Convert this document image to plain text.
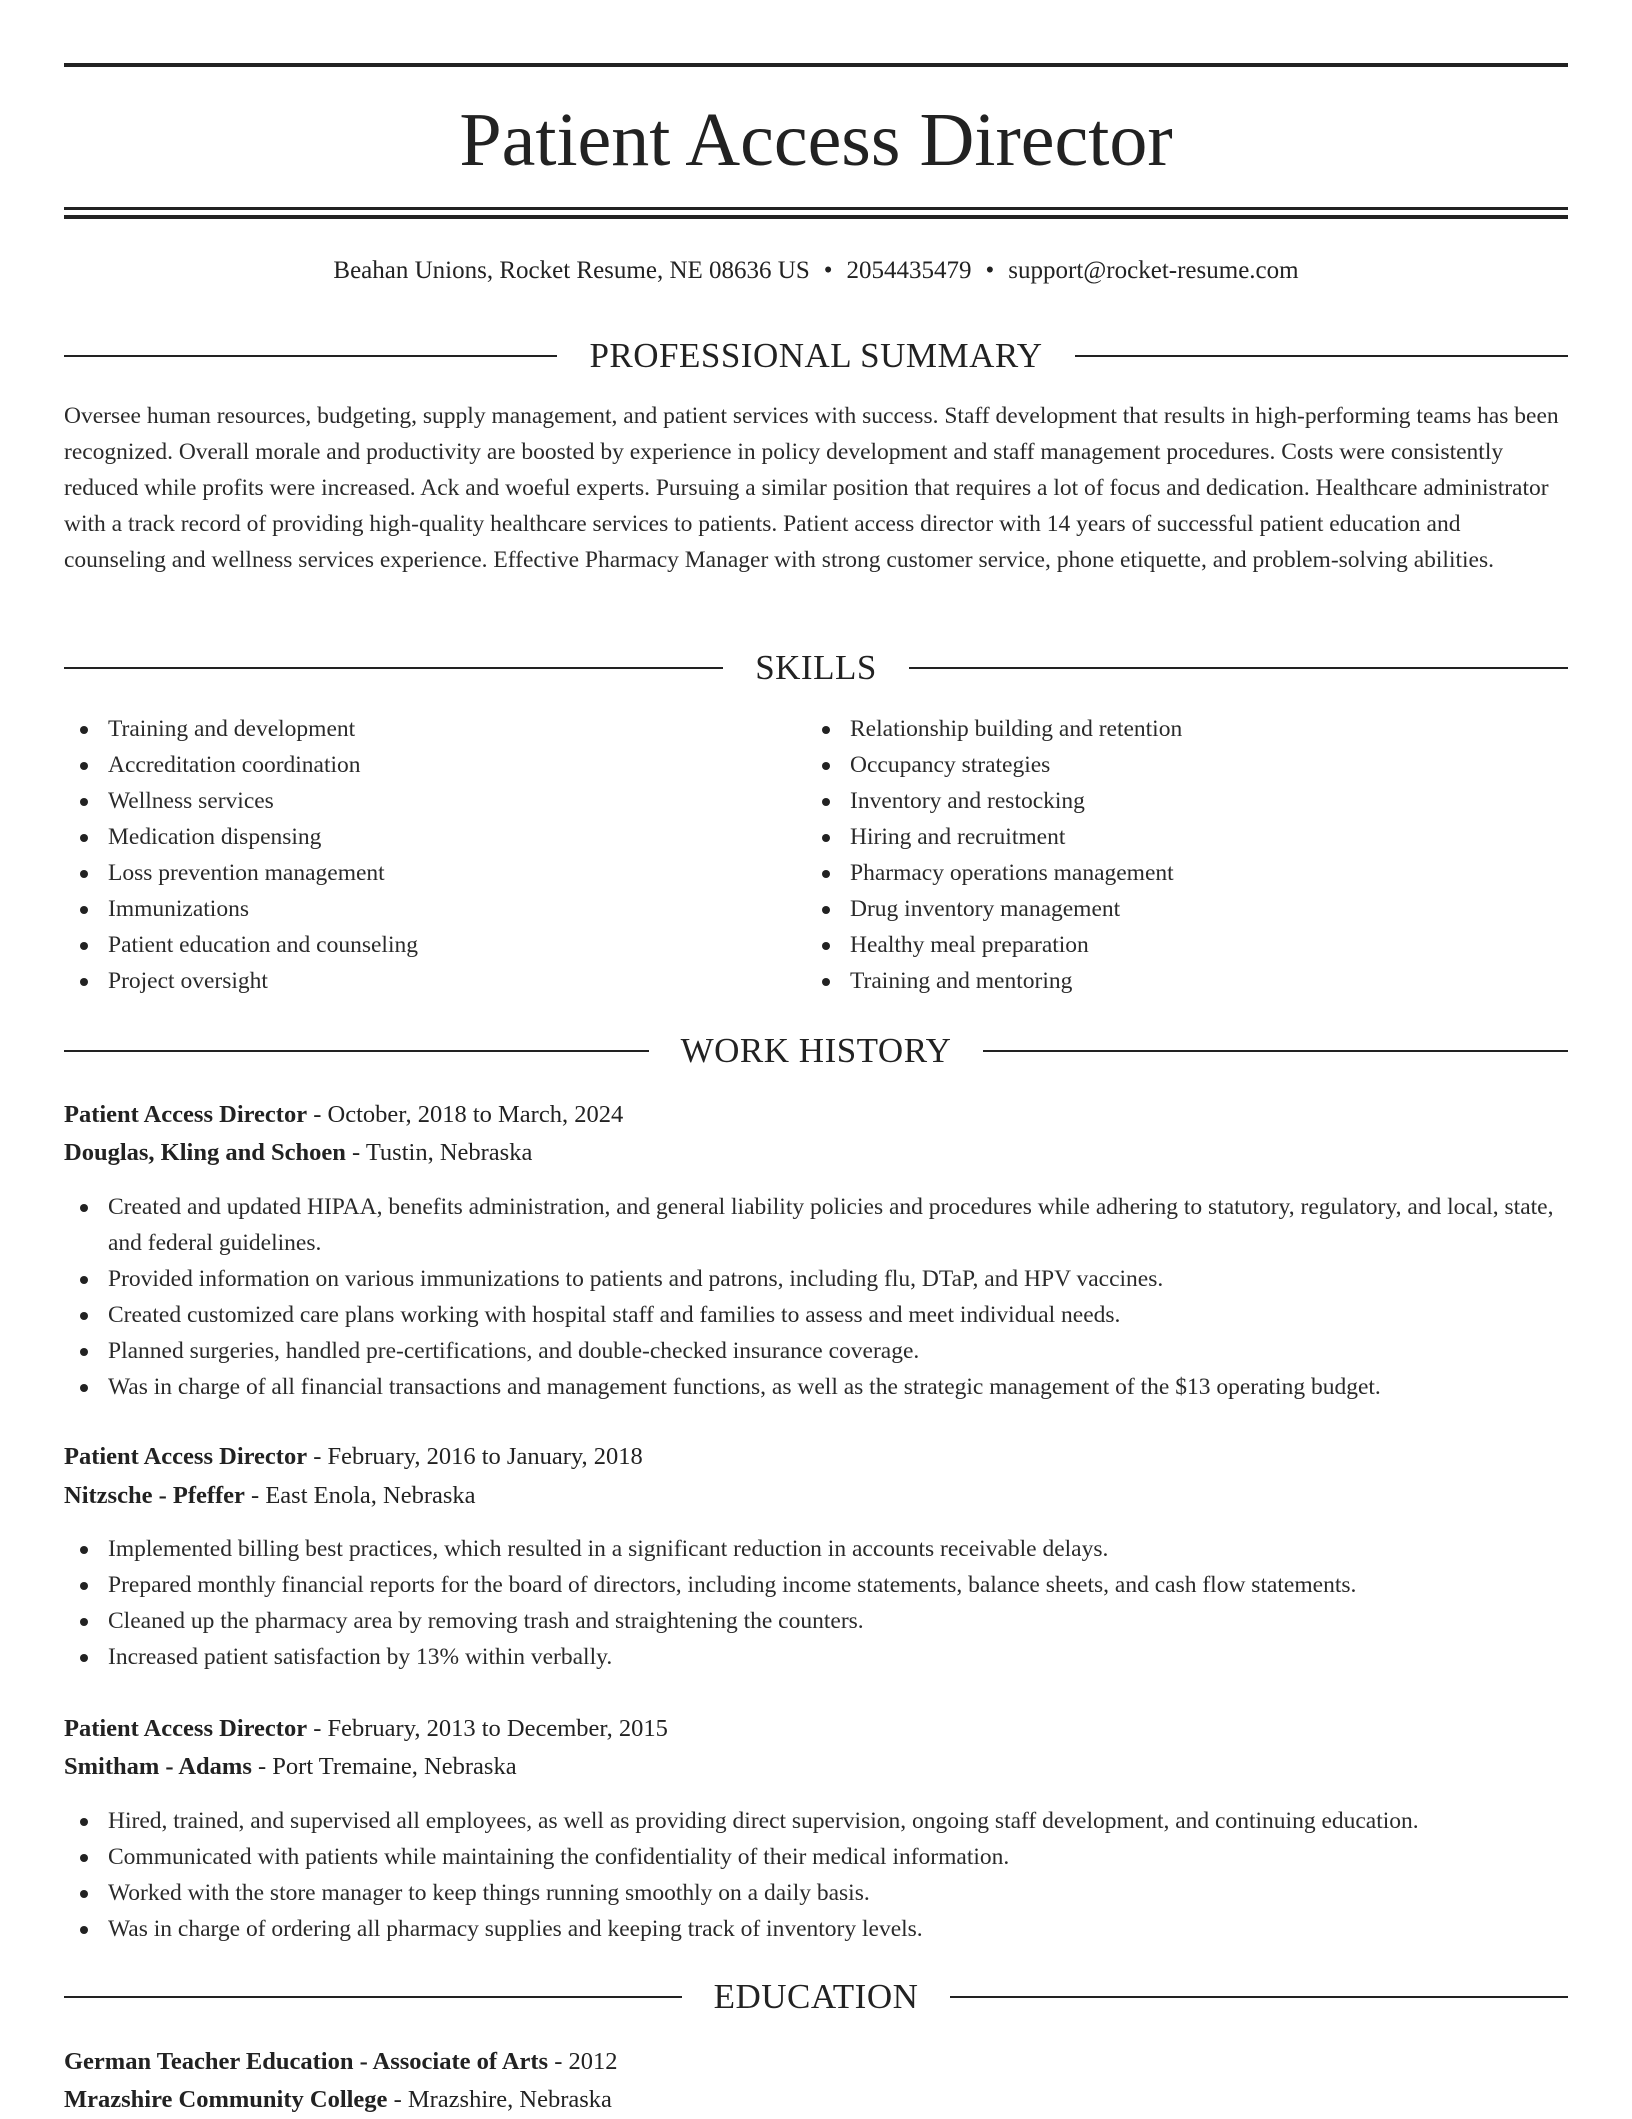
Patient Access Director
Beahan Unions, Rocket Resume, NE 08636 US • 2054435479 • support@rocket-resume.com
PROFESSIONAL SUMMARY

Oversee human resources, budgeting, supply management, and patient services with success. Staff development that results in high-performing teams has been recognized. Overall morale and productivity are boosted by experience in policy development and staff management procedures. Costs were consistently reduced while profits were increased. Ack and woeful experts. Pursuing a similar position that requires a lot of focus and dedication. Healthcare administrator with a track record of providing high-quality healthcare services to patients. Patient access director with 14 years of successful patient education and counseling and wellness services experience. Effective Pharmacy Manager with strong customer service, phone etiquette, and problem-solving abilities.

SKILLS
Training and development
Accreditation coordination
Wellness services
Medication dispensing
Loss prevention management
Immunizations
Patient education and counseling
Project oversight
Relationship building and retention
Occupancy strategies
Inventory and restocking
Hiring and recruitment
Pharmacy operations management
Drug inventory management
Healthy meal preparation
Training and mentoring
WORK HISTORY
Patient Access Director - October, 2018 to March, 2024
Douglas, Kling and Schoen - Tustin, Nebraska
Created and updated HIPAA, benefits administration, and general liability policies and procedures while adhering to statutory, regulatory, and local, state, and federal guidelines.
Provided information on various immunizations to patients and patrons, including flu, DTaP, and HPV vaccines.
Created customized care plans working with hospital staff and families to assess and meet individual needs.
Planned surgeries, handled pre-certifications, and double-checked insurance coverage.
Was in charge of all financial transactions and management functions, as well as the strategic management of the $13 operating budget.
Patient Access Director - February, 2016 to January, 2018
Nitzsche - Pfeffer - East Enola, Nebraska
Implemented billing best practices, which resulted in a significant reduction in accounts receivable delays.
Prepared monthly financial reports for the board of directors, including income statements, balance sheets, and cash flow statements.
Cleaned up the pharmacy area by removing trash and straightening the counters.
Increased patient satisfaction by 13% within verbally.
Patient Access Director - February, 2013 to December, 2015
Smitham - Adams - Port Tremaine, Nebraska
Hired, trained, and supervised all employees, as well as providing direct supervision, ongoing staff development, and continuing education.
Communicated with patients while maintaining the confidentiality of their medical information.
Worked with the store manager to keep things running smoothly on a daily basis.
Was in charge of ordering all pharmacy supplies and keeping track of inventory levels.
EDUCATION
German Teacher Education - Associate of Arts - 2012
Mrazshire Community College - Mrazshire, Nebraska
